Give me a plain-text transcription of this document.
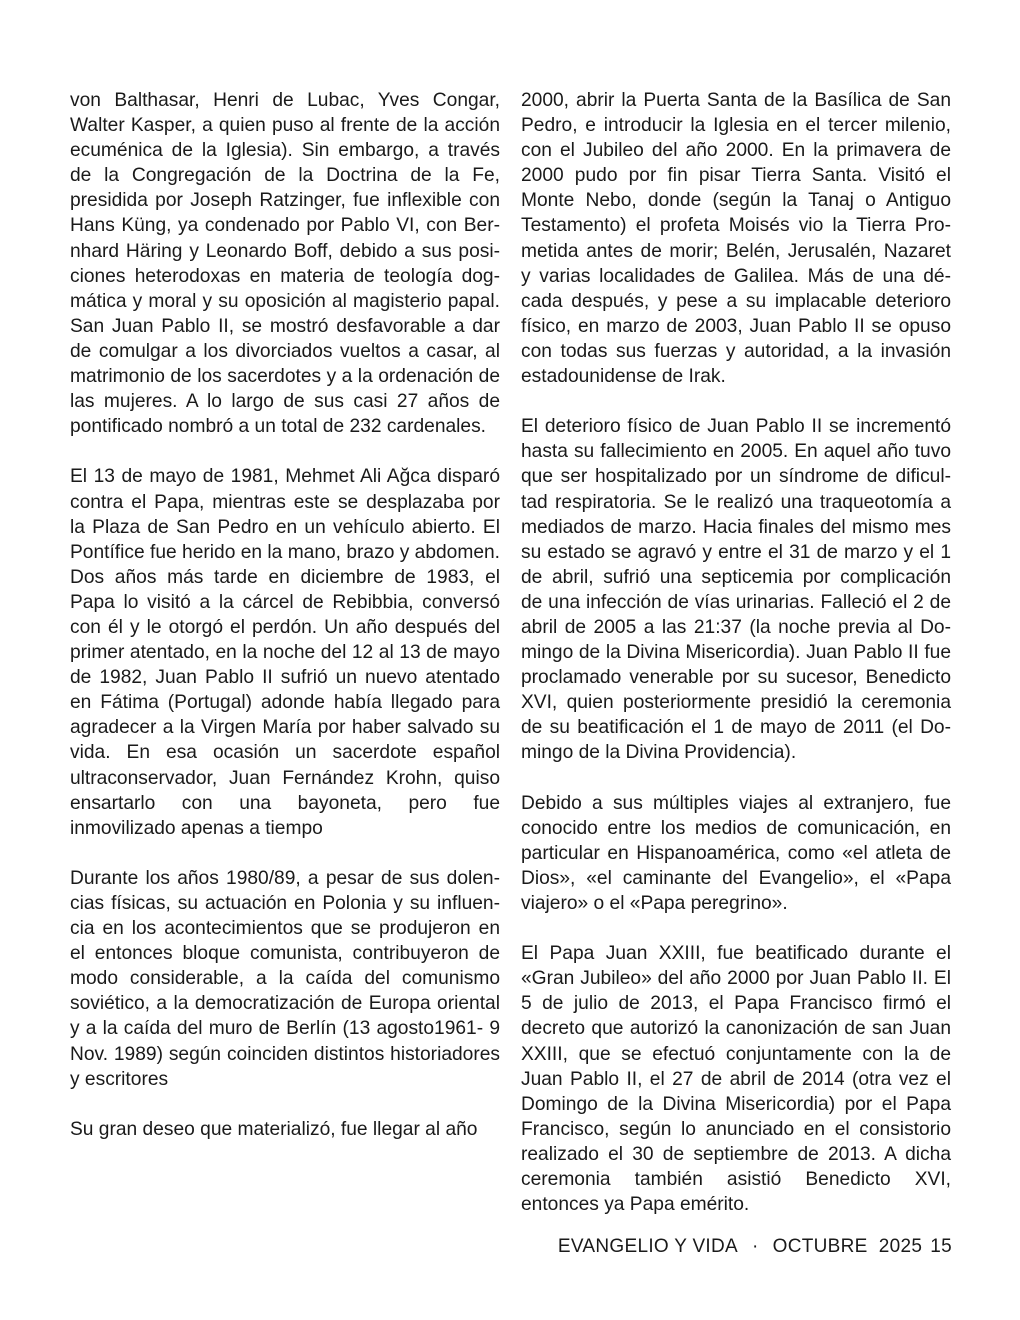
von Balthasar, Henri de Lubac, Yves Congar, Walter Kasper, a quien puso al frente de la acción ecuménica de la Iglesia). Sin embargo, a través de la Congregación de la Doctrina de la Fe, presidida por Joseph Ratzinger, fue inflexible con Hans Küng, ya condenado por Pablo VI, con Bernhard Häring y Leonardo Boff, debido a sus posiciones heterodoxas en materia de teología dogmática y moral y su oposición al magisterio papal. San Juan Pablo II, se mostró desfavorable a dar de comulgar a los divorciados vueltos a casar, al matrimonio de los sacerdotes y a la ordenación de las mujeres. A lo largo de sus casi 27 años de pontificado nombró a un total de 232 cardenales.

El 13 de mayo de 1981, Mehmet Ali Ağca disparó contra el Papa, mientras este se desplazaba por la Plaza de San Pedro en un vehículo abierto. El Pontífice fue herido en la mano, brazo y abdomen. Dos años más tarde en diciembre de 1983, el Papa lo visitó a la cárcel de Rebibbia, conversó con él y le otorgó el perdón. Un año después del primer atentado, en la noche del 12 al 13 de mayo de 1982, Juan Pablo II sufrió un nuevo atentado en Fátima (Portugal) adonde había llegado para agradecer a la Virgen María por haber salvado su vida. En esa ocasión un sacerdote español ultraconservador, Juan Fernández Krohn, quiso ensartarlo con una bayoneta, pero fue inmovilizado apenas a tiempo

Durante los años 1980/89, a pesar de sus dolencias físicas, su actuación en Polonia y su influencia en los acontecimientos que se produjeron en el entonces bloque comunista, contribuyeron de modo considerable, a la caída del comunismo soviético, a la democratización de Europa oriental y a la caída del muro de Berlín (13 agosto1961- 9 Nov. 1989) según coinciden distintos historiadores y escritores

Su gran deseo que materializó, fue llegar al año

2000, abrir la Puerta Santa de la Basílica de San Pedro, e introducir la Iglesia en el tercer milenio, con el Jubileo del año 2000. En la primavera de 2000 pudo por fin pisar Tierra Santa. Visitó el Monte Nebo, donde (según la Tanaj o Antiguo Testamento) el profeta Moisés vio la Tierra Prometida antes de morir; Belén, Jerusalén, Nazaret y varias localidades de Galilea. Más de una década después, y pese a su implacable deterioro físico, en marzo de 2003, Juan Pablo II se opuso con todas sus fuerzas y autoridad, a la invasión estadounidense de Irak.

El deterioro físico de Juan Pablo II se incrementó hasta su fallecimiento en 2005. En aquel año tuvo que ser hospitalizado por un síndrome de dificultad respiratoria. Se le realizó una traqueotomía a mediados de marzo. Hacia finales del mismo mes su estado se agravó y entre el 31 de marzo y el 1 de abril, sufrió una septicemia por complicación de una infección de vías urinarias. Falleció el 2 de abril de 2005 a las 21:37 (la noche previa al Domingo de la Divina Misericordia). Juan Pablo II fue proclamado venerable por su sucesor, Benedicto XVI, quien posteriormente presidió la ceremonia de su beatificación el 1 de mayo de 2011 (el Domingo de la Divina Providencia).

Debido a sus múltiples viajes al extranjero, fue conocido entre los medios de comunicación, en particular en Hispanoamérica, como «el atleta de Dios», «el caminante del Evangelio», el «Papa viajero» o el «Papa peregrino».

El Papa Juan XXIII, fue beatificado durante el «Gran Jubileo» del año 2000 por Juan Pablo II. El 5 de julio de 2013, el Papa Francisco firmó el decreto que autorizó la canonización de san Juan XXIII, que se efectuó conjuntamente con la de Juan Pablo II, el 27 de abril de 2014 (otra vez el Domingo de la Divina Misericordia) por el Papa Francisco, según lo anunciado en el consistorio realizado el 30 de septiembre de 2013. A dicha ceremonia también asistió Benedicto XVI, entonces ya Papa emérito.

EVANGELIO Y VIDA · OCTUBRE  2025 15
